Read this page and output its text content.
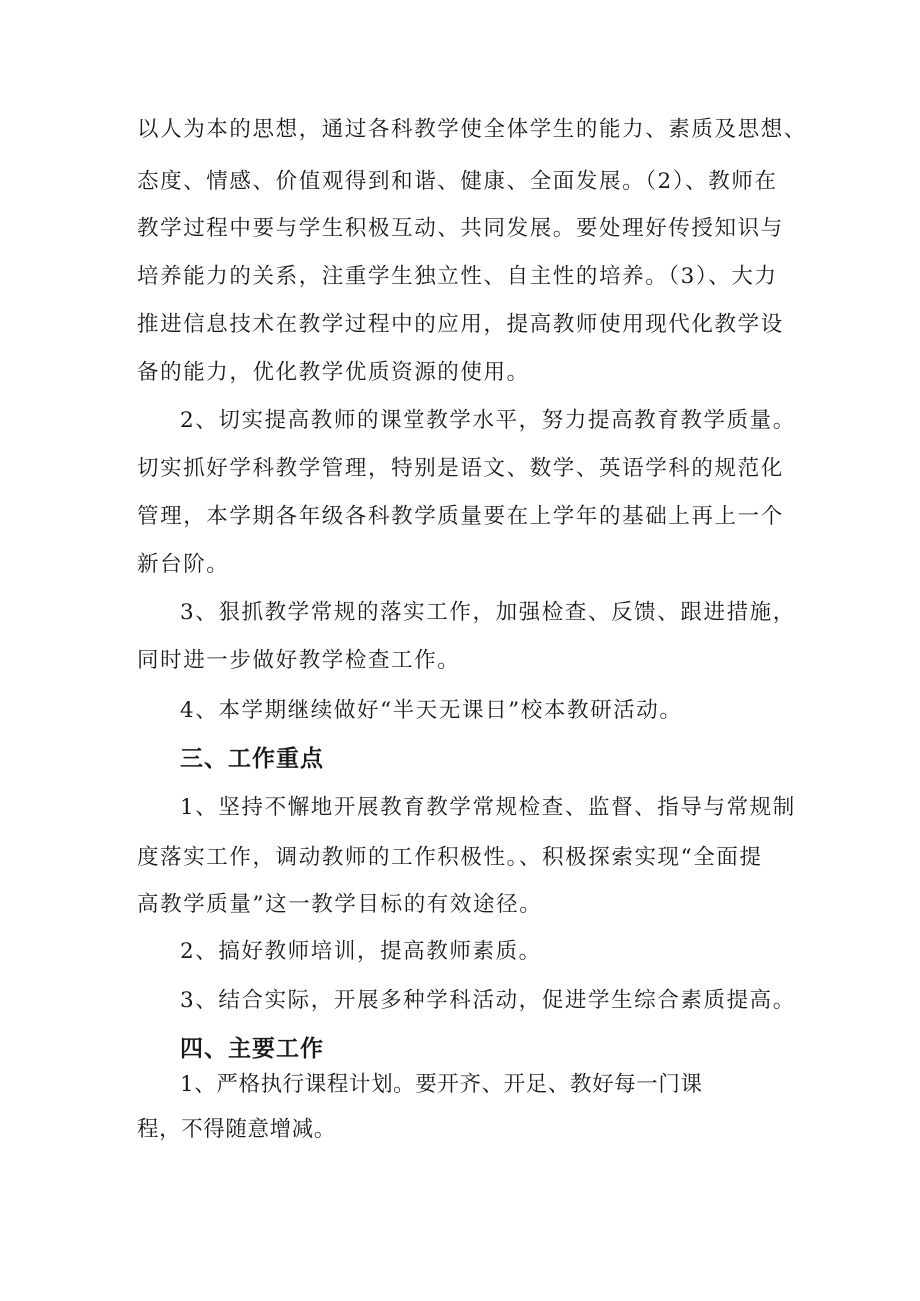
以人为本的思想，通过各科教学使全体学生的能力、素质及思想、
态度、情感、价值观得到和谐、健康、全面发展。（2）、教师在
教学过程中要与学生积极互动、共同发展。要处理好传授知识与
培养能力的关系，注重学生独立性、自主性的培养。（3）、大力
推进信息技术在教学过程中的应用，提高教师使用现代化教学设
备的能力，优化教学优质资源的使用。
2、切实提高教师的课堂教学水平，努力提高教育教学质量。
切实抓好学科教学管理，特别是语文、数学、英语学科的规范化
管理，本学期各年级各科教学质量要在上学年的基础上再上一个
新台阶。
3、狠抓教学常规的落实工作，加强检查、反馈、跟进措施，
同时进一步做好教学检查工作。
4、本学期继续做好“半天无课日”校本教研活动。
三、工作重点
1、坚持不懈地开展教育教学常规检查、监督、指导与常规制
度落实工作，调动教师的工作积极性。、积极探索实现“全面提
高教学质量”这一教学目标的有效途径。
2、搞好教师培训，提高教师素质。
3、结合实际，开展多种学科活动，促进学生综合素质提高。
四、主要工作
1、严格执行课程计划。要开齐、开足、教好每一门课
程，不得随意增减。
